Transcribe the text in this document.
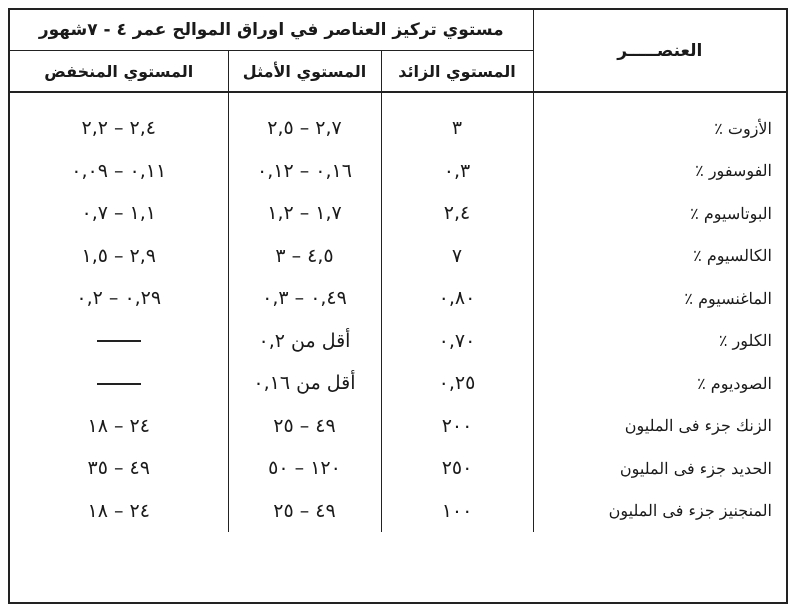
العنصـــــر	مستوي تركيز العناصر في اوراق الموالح عمر ٤ - ٧شهور		
	المستوي الزائد	المستوي الأمثل	المستوي المنخفض

الأزوت ٪	٣	٢,٧ – ٢,٥	٢,٤ – ٢,٢
الفوسفور ٪	٠,٣	٠,١٦ – ٠,١٢	٠,١١ – ٠,٠٩
البوتاسيوم ٪	٢,٤	١,٧ – ١,٢	١,١ – ٠,٧
الكالسيوم ٪	٧	٤,٥ – ٣	٢,٩ – ١,٥
الماغنسيوم ٪	٠,٨٠	٠,٤٩ – ٠,٣	٠,٢٩ – ٠,٢
الكلور ٪	٠,٧٠	أقل من ٠,٢	
الصوديوم ٪	٠,٢٥	أقل من ٠,١٦	
الزنك جزء فى المليون	٢٠٠	٤٩ – ٢٥	٢٤ – ١٨
الحديد جزء فى المليون	٢٥٠	١٢٠ – ٥٠	٤٩ – ٣٥
المنجنيز جزء فى المليون	١٠٠	٤٩ – ٢٥	٢٤ – ١٨
